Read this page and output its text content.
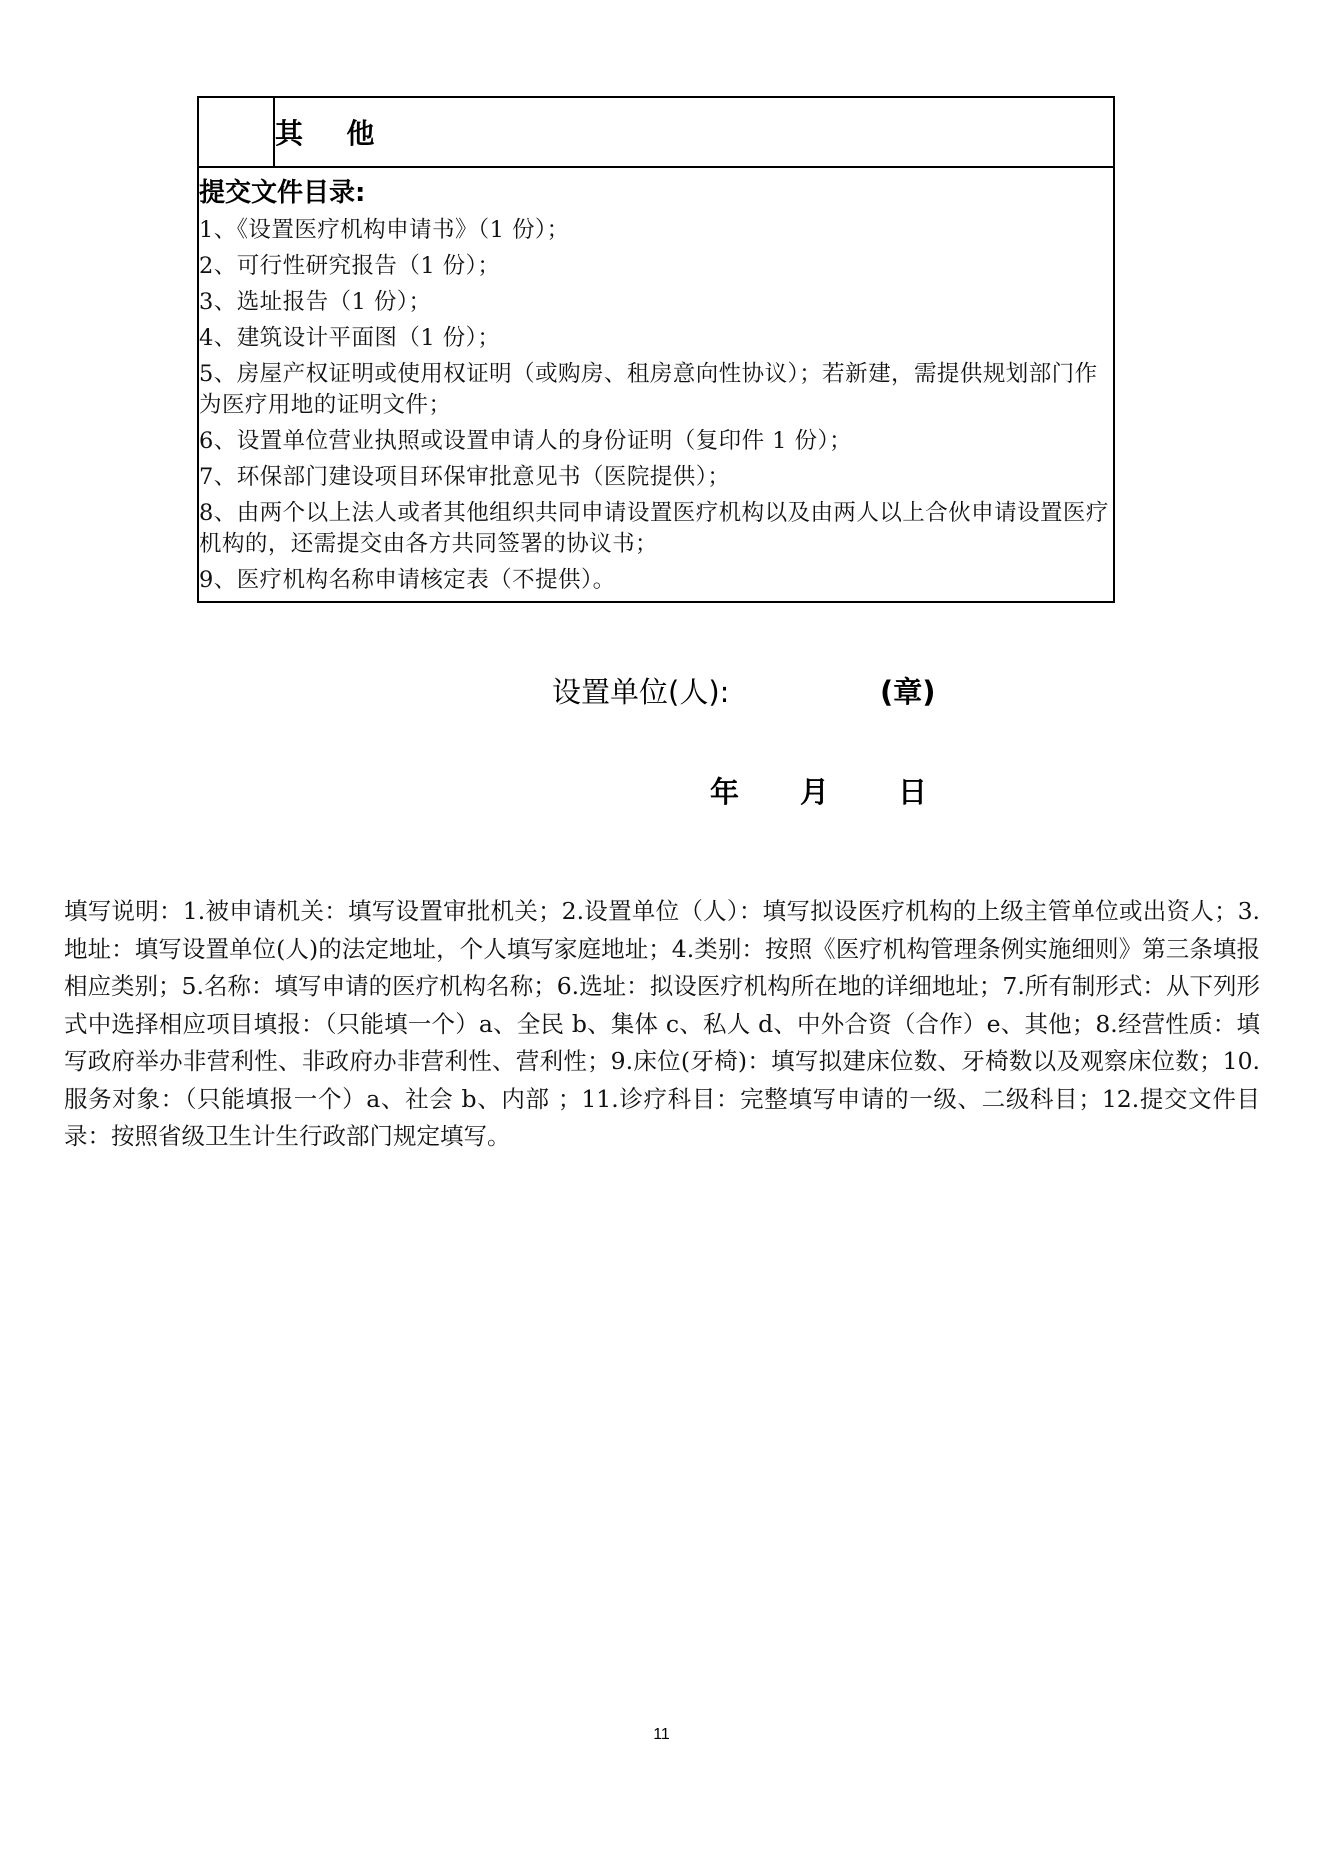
	其 他

提交文件目录:
1、《设置医疗机构申请书》（1 份）；
2、可行性研究报告（1 份）；
3、选址报告（1 份）；
4、建筑设计平面图（1 份）；
5、房屋产权证明或使用权证明（或购房、租房意向性协议）；若新建，需提供规划部门作为医疗用地的证明文件；
6、设置单位营业执照或设置申请人的身份证明（复印件 1 份）；
7、环保部门建设项目环保审批意见书（医院提供）；
8、由两个以上法人或者其他组织共同申请设置医疗机构以及由两人以上合伙申请设置医疗机构的，还需提交由各方共同签署的协议书；
9、医疗机构名称申请核定表（不提供）。
设置单位(人):	(章)
年 月 日
填写说明：1.被申请机关：填写设置审批机关；2.设置单位（人）：填写拟设医疗机构的上级主管单位或出资人；3.地址：填写设置单位(人)的法定地址，个人填写家庭地址；4.类别：按照《医疗机构管理条例实施细则》第三条填报相应类别；5.名称：填写申请的医疗机构名称；6.选址：拟设医疗机构所在地的详细地址；7.所有制形式：从下列形式中选择相应项目填报：（只能填一个）a、全民 b、集体 c、私人 d、中外合资（合作）e、其他；8.经营性质：填写政府举办非营利性、非政府办非营利性、营利性；9.床位(牙椅)：填写拟建床位数、牙椅数以及观察床位数；10.服务对象：（只能填报一个）a、社会 b、内部 ；11.诊疗科目：完整填写申请的一级、二级科目；12.提交文件目录：按照省级卫生计生行政部门规定填写。
11
